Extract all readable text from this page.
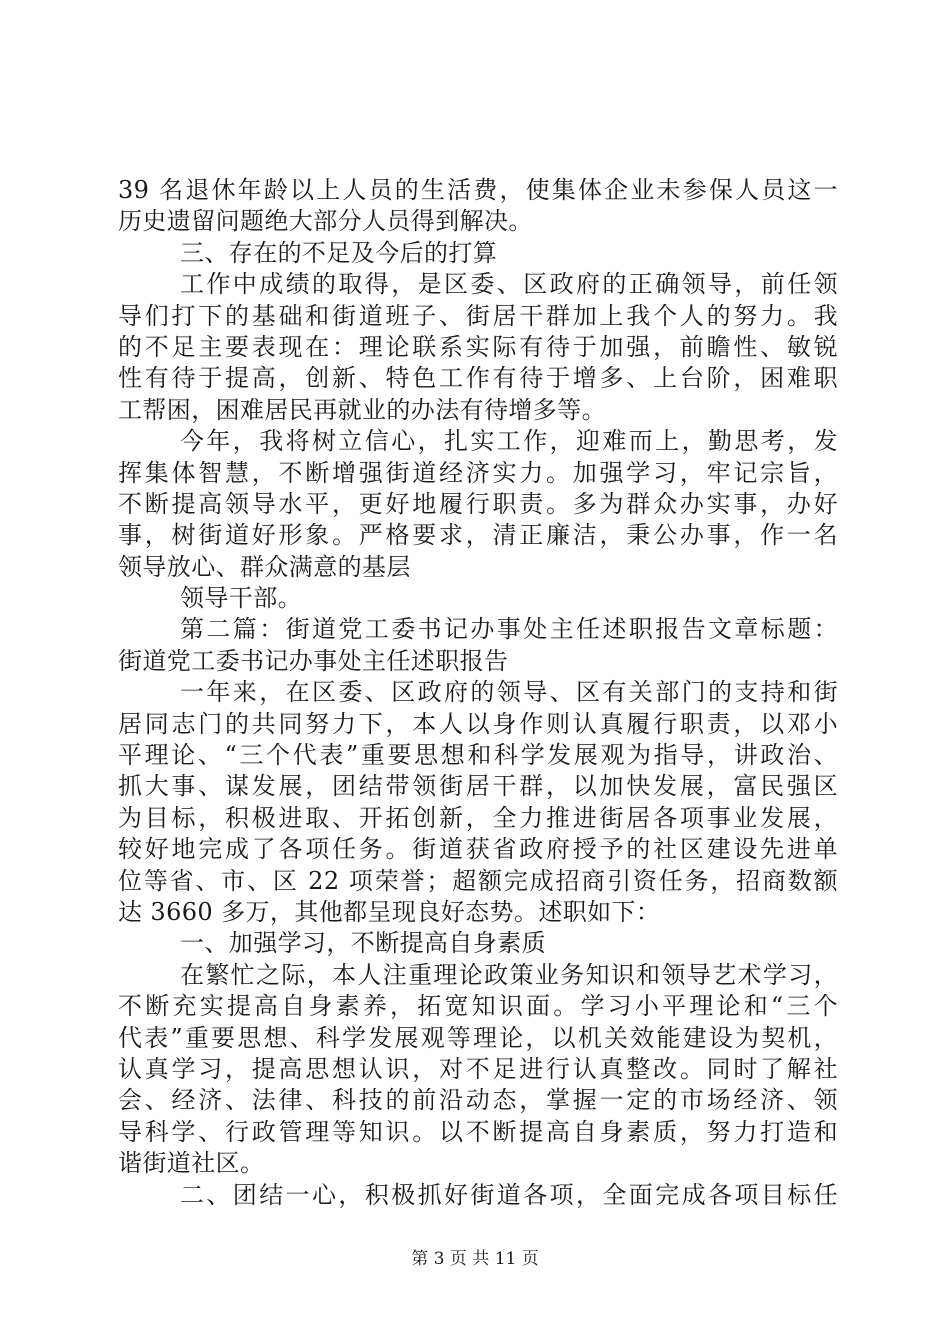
39 名退休年龄以上人员的生活费，使集体企业未参保人员这一
历史遗留问题绝大部分人员得到解决。
三、存在的不足及今后的打算
工作中成绩的取得，是区委、区政府的正确领导，前任领
导们打下的基础和街道班子、街居干群加上我个人的努力。我
的不足主要表现在：理论联系实际有待于加强，前瞻性、敏锐
性有待于提高，创新、特色工作有待于增多、上台阶，困难职
工帮困，困难居民再就业的办法有待增多等。
今年，我将树立信心，扎实工作，迎难而上，勤思考，发
挥集体智慧，不断增强街道经济实力。加强学习，牢记宗旨，
不断提高领导水平，更好地履行职责。多为群众办实事，办好
事，树街道好形象。严格要求，清正廉洁，秉公办事，作一名
领导放心、群众满意的基层
领导干部。
第二篇：街道党工委书记办事处主任述职报告文章标题：
街道党工委书记办事处主任述职报告
一年来，在区委、区政府的领导、区有关部门的支持和街
居同志门的共同努力下，本人以身作则认真履行职责，以邓小
平理论、“三个代表”重要思想和科学发展观为指导，讲政治、
抓大事、谋发展，团结带领街居干群，以加快发展，富民强区
为目标，积极进取、开拓创新，全力推进街居各项事业发展，
较好地完成了各项任务。街道获省政府授予的社区建设先进单
位等省、市、区 22 项荣誉；超额完成招商引资任务，招商数额
达 3660 多万，其他都呈现良好态势。述职如下：
一、加强学习，不断提高自身素质
在繁忙之际，本人注重理论政策业务知识和领导艺术学习，
不断充实提高自身素养，拓宽知识面。学习小平理论和“三个
代表”重要思想、科学发展观等理论，以机关效能建设为契机，
认真学习，提高思想认识，对不足进行认真整改。同时了解社
会、经济、法律、科技的前沿动态，掌握一定的市场经济、领
导科学、行政管理等知识。以不断提高自身素质，努力打造和
谐街道社区。
二、团结一心，积极抓好街道各项，全面完成各项目标任
第 3 页 共 11 页
